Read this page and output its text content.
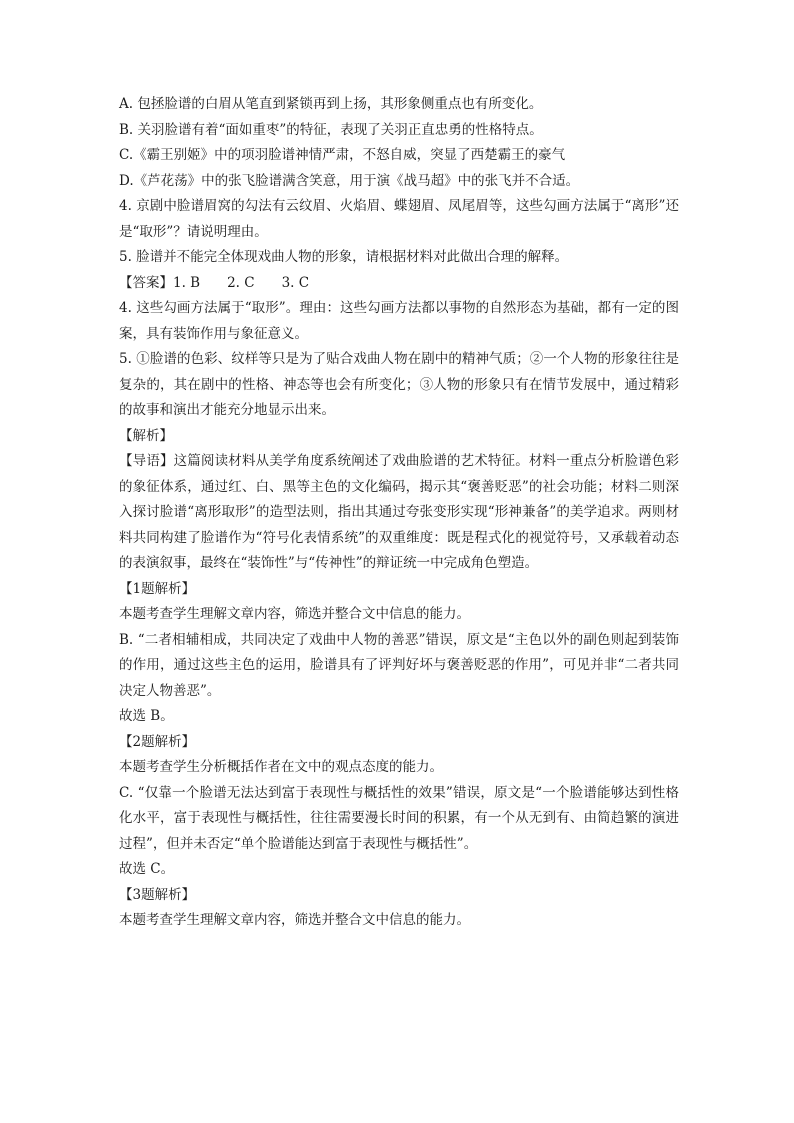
A. 包拯脸谱的白眉从笔直到紧锁再到上扬，其形象侧重点也有所变化。

B. 关羽脸谱有着“面如重枣”的特征，表现了关羽正直忠勇的性格特点。

C.《霸王别姬》中的项羽脸谱神情严肃，不怒自威，突显了西楚霸王的豪气

D.《芦花荡》中的张飞脸谱满含笑意，用于演《战马超》中的张飞并不合适。

4. 京剧中脸谱眉窝的勾法有云纹眉、火焰眉、蝶翅眉、凤尾眉等，这些勾画方法属于“离形”还是“取形”？请说明理由。

5. 脸谱并不能完全体现戏曲人物的形象，请根据材料对此做出合理的解释。

【答案】1. B　　2. C　　3. C

4. 这些勾画方法属于“取形”。理由：这些勾画方法都以事物的自然形态为基础，都有一定的图案，具有装饰作用与象征意义。

5. ①脸谱的色彩、纹样等只是为了贴合戏曲人物在剧中的精神气质；②一个人物的形象往往是复杂的，其在剧中的性格、神态等也会有所变化；③人物的形象只有在情节发展中，通过精彩的故事和演出才能充分地显示出来。

【解析】

【导语】这篇阅读材料从美学角度系统阐述了戏曲脸谱的艺术特征。材料一重点分析脸谱色彩的象征体系，通过红、白、黑等主色的文化编码，揭示其“褒善贬恶”的社会功能；材料二则深入探讨脸谱“离形取形”的造型法则，指出其通过夸张变形实现“形神兼备”的美学追求。两则材料共同构建了脸谱作为“符号化表情系统”的双重维度：既是程式化的视觉符号，又承载着动态的表演叙事，最终在“装饰性”与“传神性”的辩证统一中完成角色塑造。

【1题解析】

本题考查学生理解文章内容，筛选并整合文中信息的能力。

B. “二者相辅相成，共同决定了戏曲中人物的善恶”错误，原文是“主色以外的副色则起到装饰的作用，通过这些主色的运用，脸谱具有了评判好坏与褒善贬恶的作用”，可见并非“二者共同决定人物善恶”。

故选 B。

【2题解析】

本题考查学生分析概括作者在文中的观点态度的能力。

C. “仅靠一个脸谱无法达到富于表现性与概括性的效果”错误，原文是“一个脸谱能够达到性格化水平，富于表现性与概括性，往往需要漫长时间的积累，有一个从无到有、由简趋繁的演进过程”，但并未否定“单个脸谱能达到富于表现性与概括性”。

故选 C。

【3题解析】

本题考查学生理解文章内容，筛选并整合文中信息的能力。
